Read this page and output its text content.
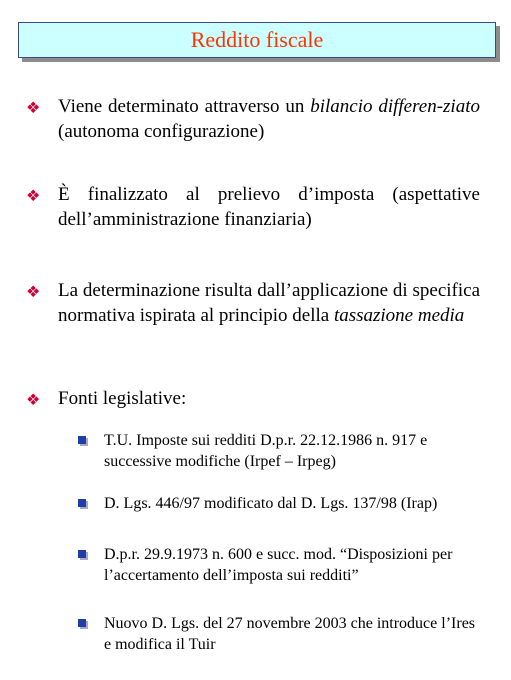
Reddito fiscale
❖ Viene determinato attraverso un bilancio differen-ziato (autonoma configurazione)
❖ È finalizzato al prelievo d’imposta (aspettative dell’amministrazione finanziaria)
❖ La determinazione risulta dall’applicazione di specifica normativa ispirata al principio della tassazione media
❖ Fonti legislative:
T.U. Imposte sui redditi D.p.r. 22.12.1986 n. 917 e successive modifiche (Irpef – Irpeg)
D. Lgs. 446/97 modificato dal D. Lgs. 137/98 (Irap)
D.p.r. 29.9.1973 n. 600 e succ. mod. “Disposizioni per l’accertamento dell’imposta sui redditi”
Nuovo D. Lgs. del 27 novembre 2003 che introduce l’Ires e modifica il Tuir
